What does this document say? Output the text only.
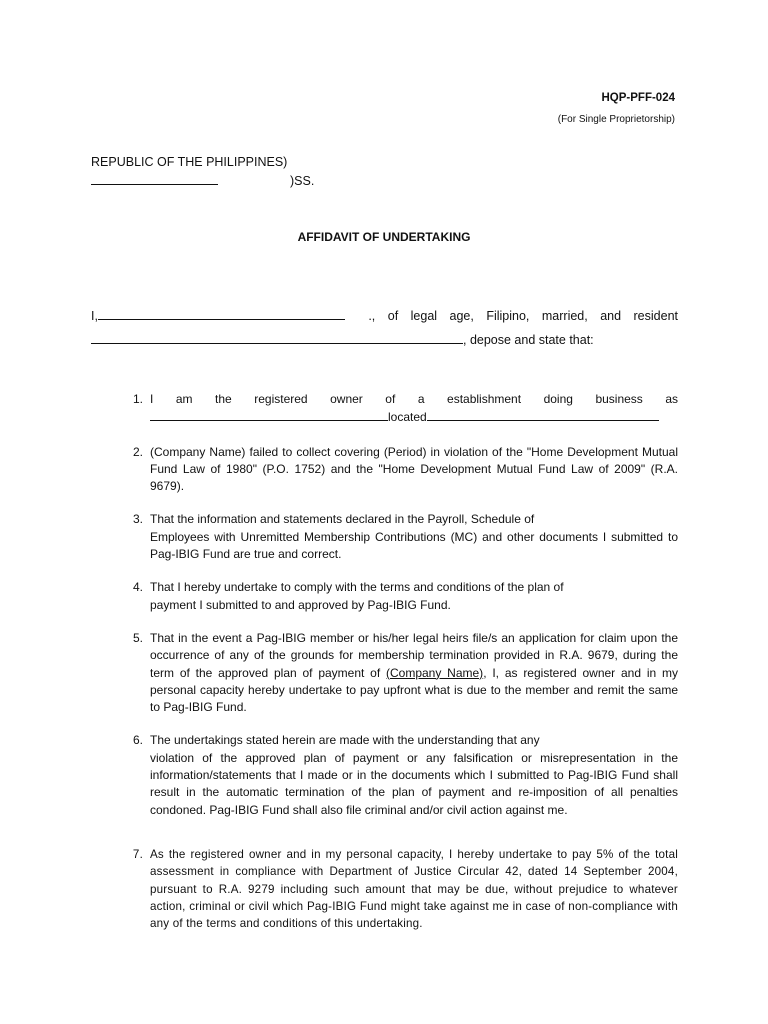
HQP-PFF-024
(For Single Proprietorship)
REPUBLIC OF THE PHILIPPINES)
)SS.
AFFIDAVIT OF UNDERTAKING
I,	., of legal age, Filipino, married, and resident
, depose and state that:
1. I am the registered owner of a establishment doing business as
located
2. (Company Name) failed to collect covering (Period) in violation of the "Home Development Mutual Fund Law of 1980" (P.O. 1752) and the "Home Development Mutual Fund Law of 2009" (R.A. 9679).
3. That the information and statements declared in the Payroll, Schedule of
Employees with Unremitted Membership Contributions (MC) and other documents I submitted to Pag-IBIG Fund are true and correct.
4. That I hereby undertake to comply with the terms and conditions of the plan of
payment I submitted to and approved by Pag-IBIG Fund.
5. That in the event a Pag-IBIG member or his/her legal heirs file/s an application for claim upon the occurrence of any of the grounds for membership termination provided in R.A. 9679, during the term of the approved plan of payment of (Company Name), I, as registered owner and in my personal capacity hereby undertake to pay upfront what is due to the member and remit the same to Pag-IBIG Fund.
6. The undertakings stated herein are made with the understanding that any
violation of the approved plan of payment or any falsification or misrepresentation in the information/statements that I made or in the documents which I submitted to Pag-IBIG Fund shall result in the automatic termination of the plan of payment and re-imposition of all penalties condoned. Pag-IBIG Fund shall also file criminal and/or civil action against me.
7. As the registered owner and in my personal capacity, I hereby undertake to pay 5% of the total assessment in compliance with Department of Justice Circular 42, dated 14 September 2004, pursuant to R.A. 9279 including such amount that may be due, without prejudice to whatever action, criminal or civil which Pag-IBIG Fund might take against me in case of non-compliance with any of the terms and conditions of this undertaking.
